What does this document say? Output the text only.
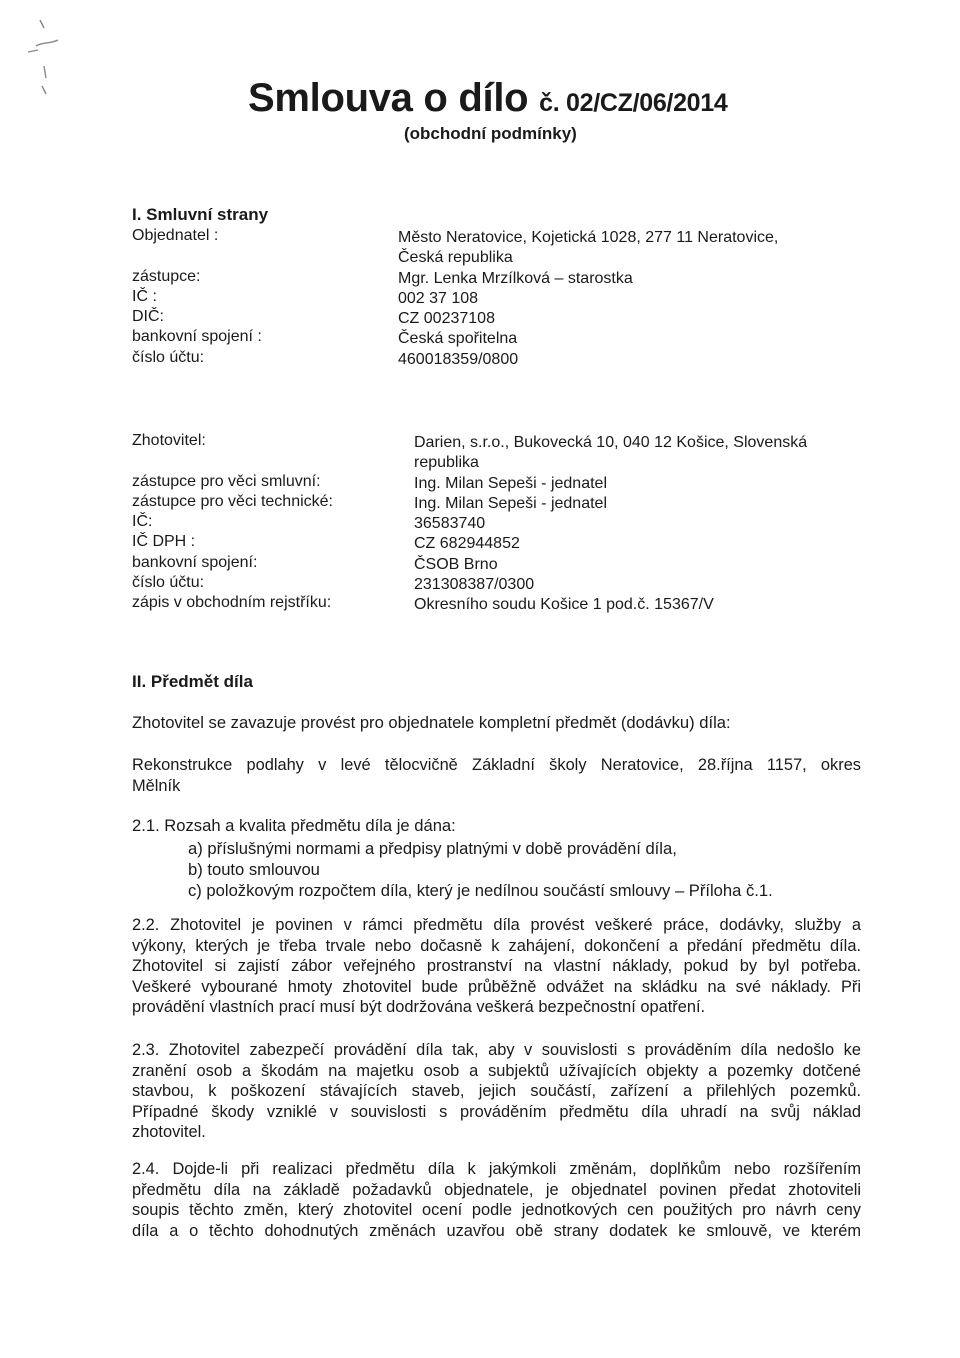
Smlouva o dílo č. 02/CZ/06/2014
(obchodní podmínky)
I. Smluvní strany
Objednatel :
zástupce:
IČ :
DIČ:
bankovní spojení :
číslo účtu:
Město Neratovice, Kojetická 1028, 277 11 Neratovice,
Česká republika
Mgr. Lenka Mrzílková – starostka
002 37 108
CZ 00237108
Česká spořitelna
460018359/0800
Zhotovitel:
zástupce pro věci smluvní:
zástupce pro věci technické:
IČ:
IČ DPH :
bankovní spojení:
číslo účtu:
zápis v obchodním rejstříku:
Darien, s.r.o., Bukovecká 10, 040 12 Košice, Slovenská
republika
Ing. Milan Sepeši - jednatel
Ing. Milan Sepeši - jednatel
36583740
CZ 682944852
ČSOB Brno
231308387/0300
Okresního soudu Košice 1 pod.č. 15367/V
II. Předmět díla
Zhotovitel se zavazuje provést pro objednatele kompletní předmět (dodávku) díla:
Rekonstrukce podlahy v levé tělocvičně Základní školy Neratovice, 28.října 1157, okres
Mělník
2.1. Rozsah a kvalita předmětu díla je dána:
a) příslušnými normami a předpisy platnými v době provádění díla,
b) touto smlouvou
c) položkovým rozpočtem díla, který je nedílnou součástí smlouvy – Příloha č.1.
2.2. Zhotovitel je povinen v rámci předmětu díla provést veškeré práce, dodávky, služby a
výkony, kterých je třeba trvale nebo dočasně k zahájení, dokončení a předání předmětu díla.
Zhotovitel si zajistí zábor veřejného prostranství na vlastní náklady, pokud by byl potřeba.
Veškeré vybourané hmoty zhotovitel bude průběžně odvážet na skládku na své náklady. Při
provádění vlastních prací musí být dodržována veškerá bezpečnostní opatření.
2.3. Zhotovitel zabezpečí provádění díla tak, aby v souvislosti s prováděním díla nedošlo ke
zranění osob a škodám na majetku osob a subjektů užívajících objekty a pozemky dotčené
stavbou, k poškození stávajících staveb, jejich součástí, zařízení a přilehlých pozemků.
Případné škody vzniklé v souvislosti s prováděním předmětu díla uhradí na svůj náklad
zhotovitel.
2.4. Dojde-li při realizaci předmětu díla k jakýmkoli změnám, doplňkům nebo rozšířením
předmětu díla na základě požadavků objednatele, je objednatel povinen předat zhotoviteli
soupis těchto změn, který zhotovitel ocení podle jednotkových cen použitých pro návrh ceny
díla a o těchto dohodnutých změnách uzavřou obě strany dodatek ke smlouvě, ve kterém
